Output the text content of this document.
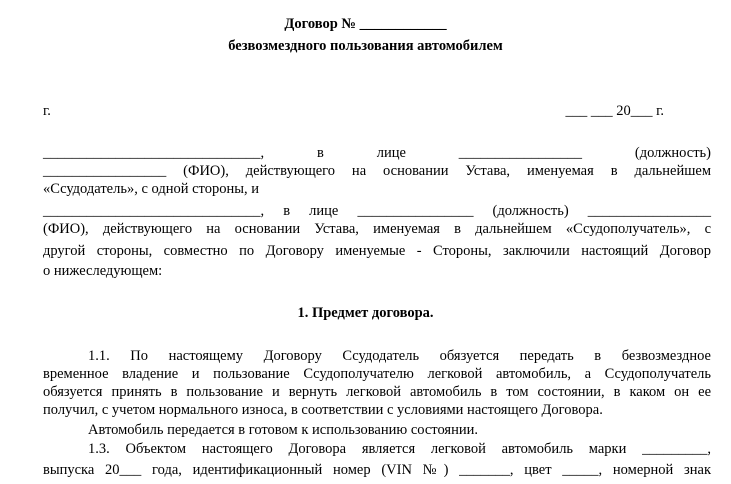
Договор № ____________
безвозмездного пользования автомобилем
г.	___ ___ 20___ г.
______________________________, в лице _________________ (должность)
_________________ (ФИО), действующего на основании Устава, именуемая в дальнейшем
«Ссудодатель», с одной стороны, и
______________________________, в лице ________________ (должность) _________________
(ФИО), действующего на основании Устава, именуемая в дальнейшем «Ссудополучатель», с
другой стороны, совместно по Договору именуемые - Стороны, заключили настоящий Договор
о нижеследующем:
1. Предмет договора.
1.1. По настоящему Договору Ссудодатель обязуется передать в безвозмездное
временное владение и пользование Ссудополучателю легковой автомобиль, а Ссудополучатель
обязуется принять в пользование и вернуть легковой автомобиль в том состоянии, в каком он ее
получил, с учетом нормального износа, в соответствии с условиями настоящего Договора.
Автомобиль передается в готовом к использованию состоянии.
1.3. Объектом настоящего Договора является легковой автомобиль марки _________,
выпуска 20___ года, идентификационный номер (VIN №) _______, цвет _____, номерной знак
